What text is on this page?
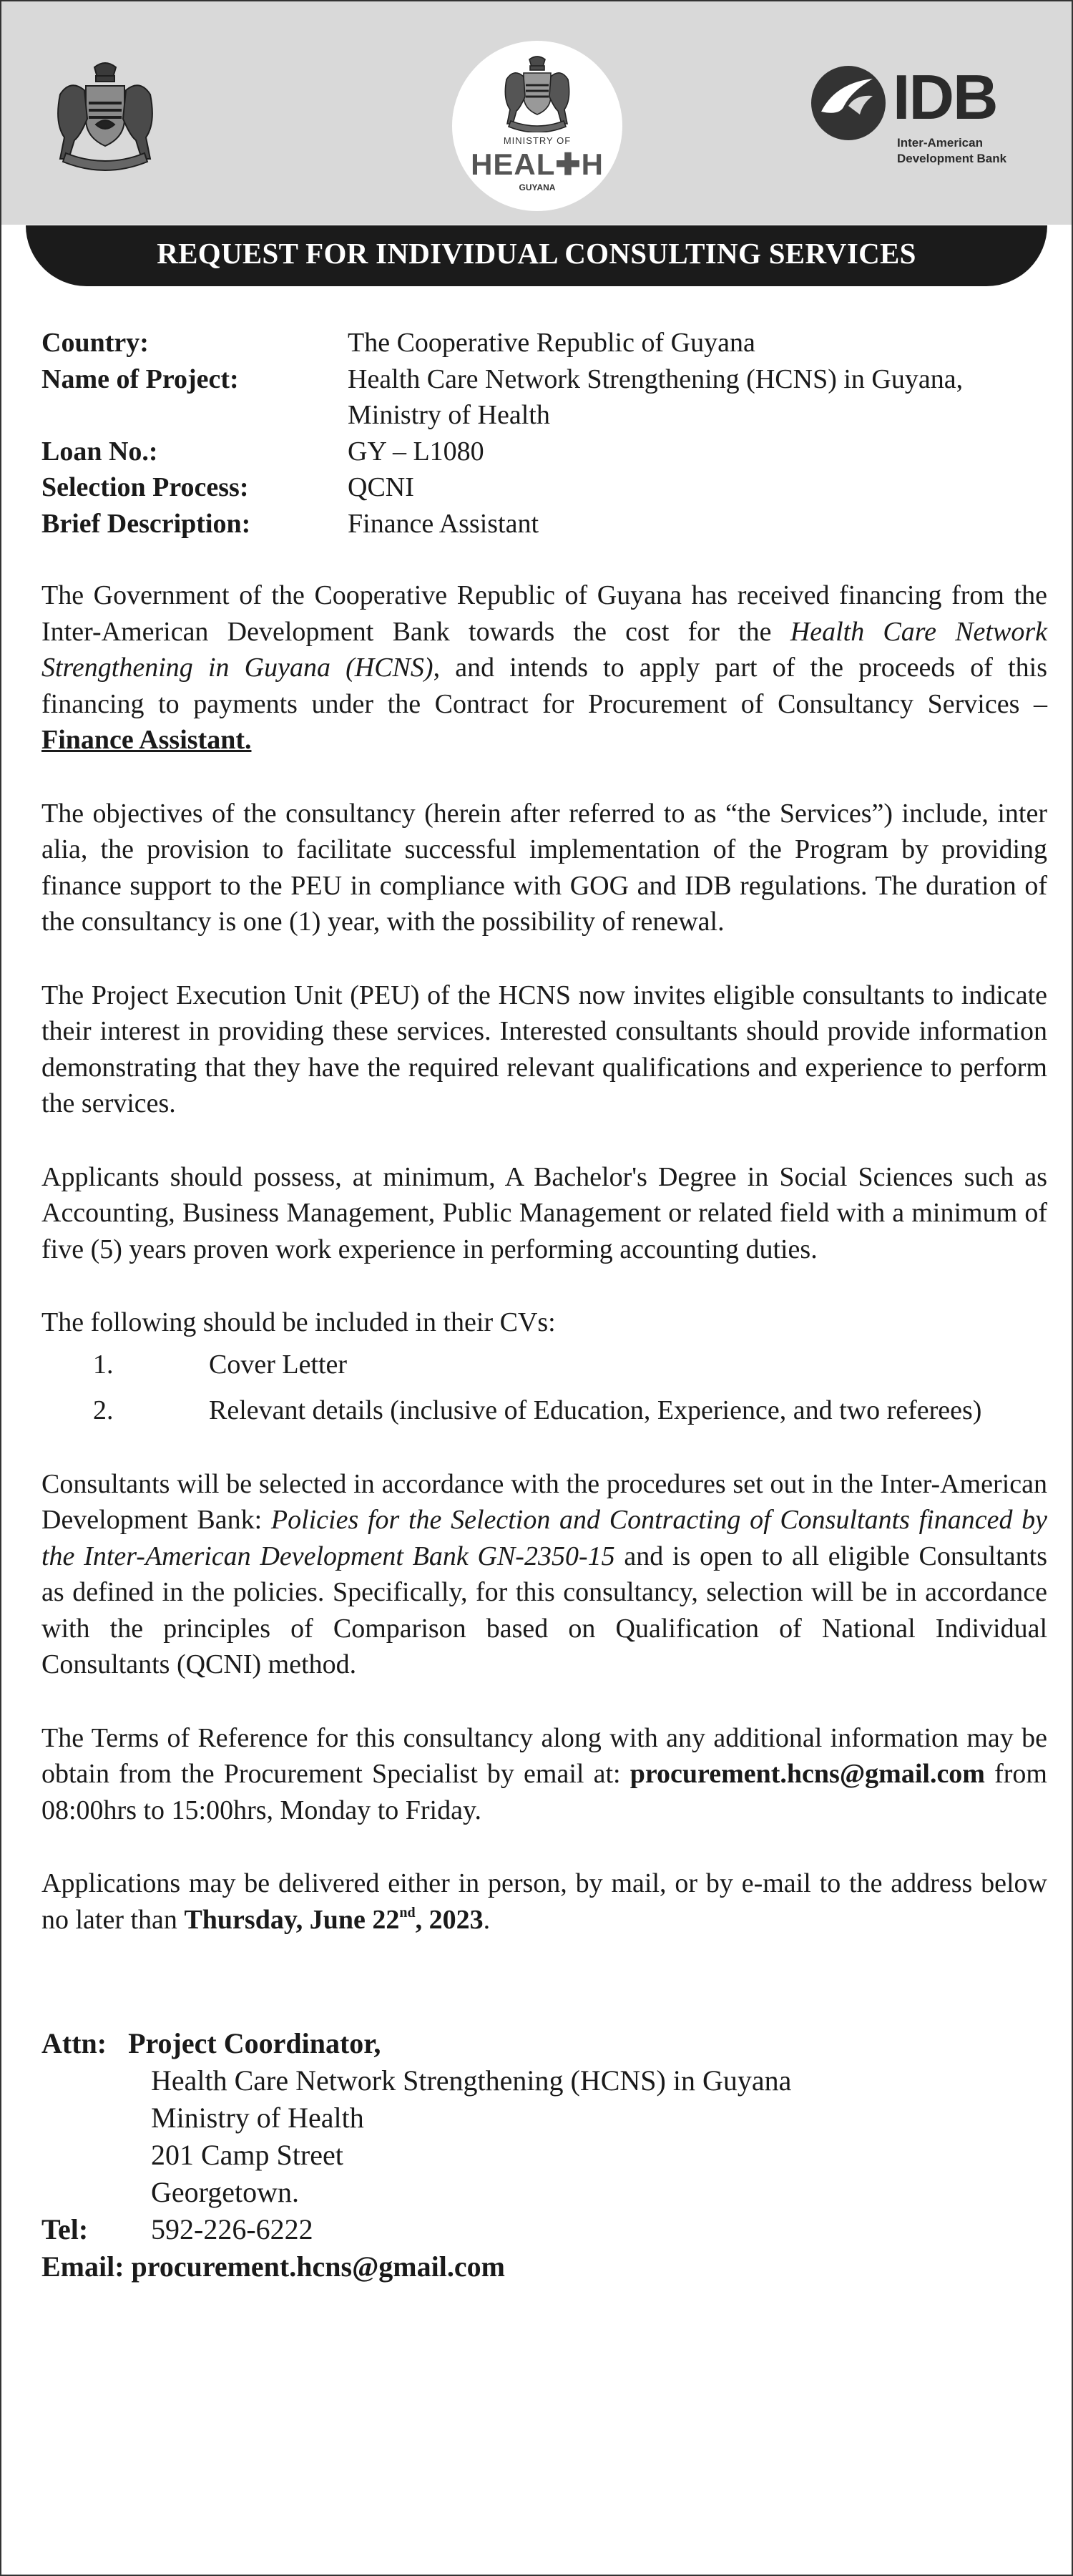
MINISTRY OF
HEAL✚H
GUYANA
IDB
Inter-American
Development Bank
REQUEST FOR INDIVIDUAL CONSULTING SERVICES
Country:	The Cooperative Republic of Guyana
Name of Project:	Health Care Network Strengthening (HCNS) in Guyana, Ministry of Health
Loan No.:	GY – L1080
Selection Process:	QCNI
Brief Description:	Finance Assistant

The Government of the Cooperative Republic of Guyana has received financing from the Inter-American Development Bank towards the cost for the Health Care Network Strengthening in Guyana (HCNS), and intends to apply part of the proceeds of this financing to payments under the Contract for Procurement of Consultancy Services – Finance Assistant.

The objectives of the consultancy (herein after referred to as “the Services”) include, inter alia, the provision to facilitate successful implementation of the Program by providing finance support to the PEU in compliance with GOG and IDB regulations. The duration of the consultancy is one (1) year, with the possibility of renewal.

The Project Execution Unit (PEU) of the HCNS now invites eligible consultants to indicate their interest in providing these services. Interested consultants should provide information demonstrating that they have the required relevant qualifications and experience to perform the services.

Applicants should possess, at minimum, A Bachelor's Degree in Social Sciences such as Accounting, Business Management, Public Management or related field with a minimum of five (5) years proven work experience in performing accounting duties.

The following should be included in their CVs:

1.	Cover Letter
2.	Relevant details (inclusive of Education, Experience, and two referees)

Consultants will be selected in accordance with the procedures set out in the Inter-American Development Bank: Policies for the Selection and Contracting of Consultants financed by the Inter-American Development Bank GN-2350-15 and is open to all eligible Consultants as defined in the policies. Specifically, for this consultancy, selection will be in accordance with the principles of Comparison based on Qualification of National Individual Consultants (QCNI) method.

The Terms of Reference for this consultancy along with any additional information may be obtain from the Procurement Specialist by email at: procurement.hcns@gmail.com from 08:00hrs to 15:00hrs, Monday to Friday.

Applications may be delivered either in person, by mail, or by e-mail to the address below no later than Thursday, June 22nd, 2023.

Attn: Project Coordinator,
Health Care Network Strengthening (HCNS) in Guyana
Ministry of Health
201 Camp Street
Georgetown.
Tel:	592-226-6222
Email:
procurement.hcns@gmail.com
